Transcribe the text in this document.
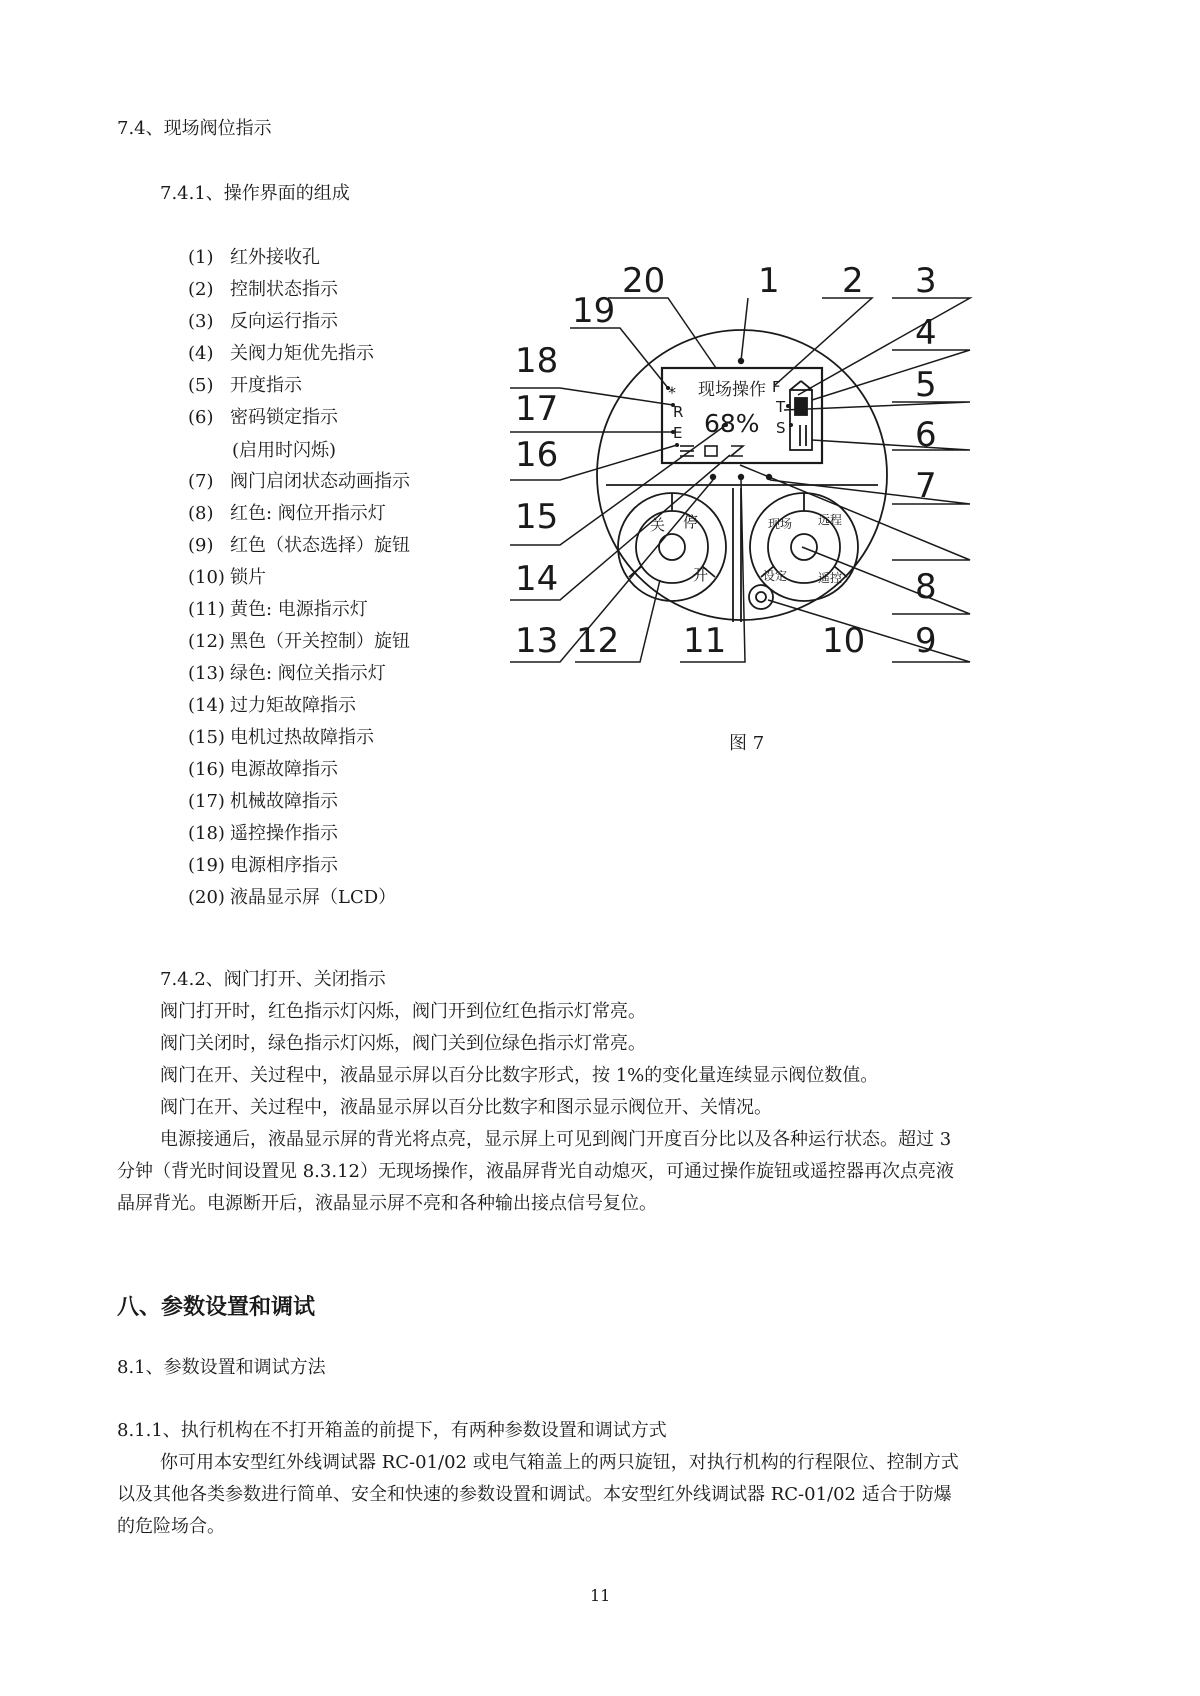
7.4、现场阀位指示
7.4.1、操作界面的组成
(1) 红外接收孔
(2) 控制状态指示
(3) 反向运行指示
(4) 关阀力矩优先指示
(5) 开度指示
(6) 密码锁定指示
(启用时闪烁)
(7) 阀门启闭状态动画指示
(8) 红色: 阀位开指示灯
(9) 红色（状态选择）旋钮
(10) 锁片
(11) 黄色: 电源指示灯
(12) 黑色（开关控制）旋钮
(13) 绿色: 阀位关指示灯
(14) 过力矩故障指示
(15) 电机过热故障指示
(16) 电源故障指示
(17) 机械故障指示
(18) 遥控操作指示
(19) 电源相序指示
(20) 液晶显示屏（LCD）
现场操作
68%
*
R
E
F
T
S
关 停
开
现场 远程
设定	遥控
20	1 2 3
4
5
6
7
8
9
10
11
12
13
14
15
16
17
18
19
图 7
7.4.2、阀门打开、关闭指示
阀门打开时，红色指示灯闪烁，阀门开到位红色指示灯常亮。
阀门关闭时，绿色指示灯闪烁，阀门关到位绿色指示灯常亮。
阀门在开、关过程中，液晶显示屏以百分比数字形式，按 1%的变化量连续显示阀位数值。
阀门在开、关过程中，液晶显示屏以百分比数字和图示显示阀位开、关情况。
电源接通后，液晶显示屏的背光将点亮，显示屏上可见到阀门开度百分比以及各种运行状态。超过 3
分钟（背光时间设置见 8.3.12）无现场操作，液晶屏背光自动熄灭，可通过操作旋钮或遥控器再次点亮液
晶屏背光。电源断开后，液晶显示屏不亮和各种输出接点信号复位。
八、参数设置和调试
8.1、参数设置和调试方法
8.1.1、执行机构在不打开箱盖的前提下，有两种参数设置和调试方式
你可用本安型红外线调试器 RC-01/02 或电气箱盖上的两只旋钮，对执行机构的行程限位、控制方式
以及其他各类参数进行简单、安全和快速的参数设置和调试。本安型红外线调试器 RC-01/02 适合于防爆
的危险场合。
11
